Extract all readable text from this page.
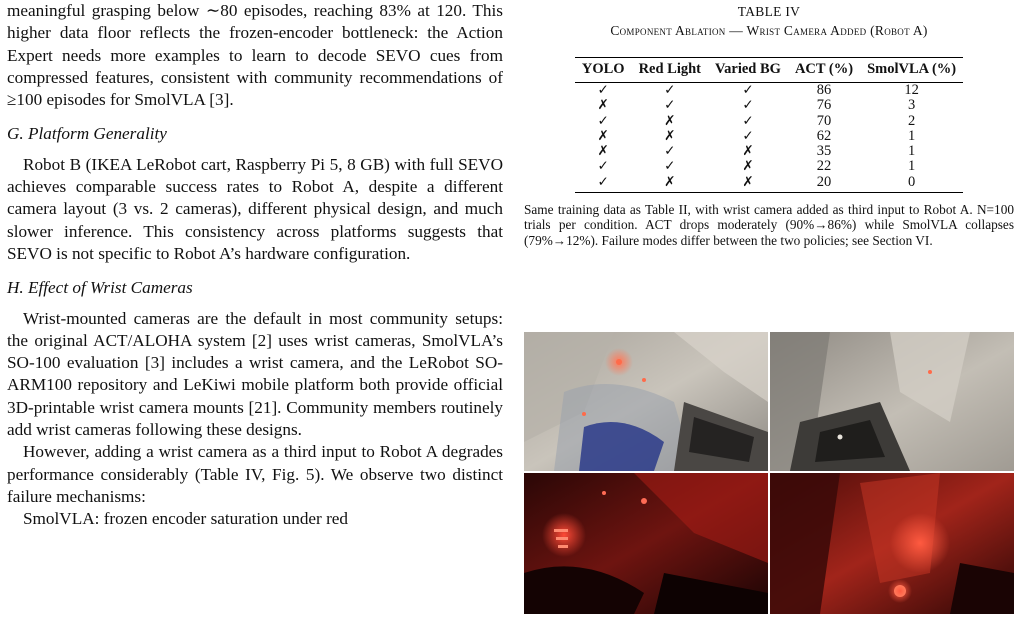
meaningful grasping below ∼80 episodes, reaching 83% at 120. This higher data floor reflects the frozen-encoder bottleneck: the Action Expert needs more examples to learn to decode SEVO cues from compressed features, consistent with community recommendations of ≥100 episodes for SmolVLA [3].

G. Platform Generality

Robot B (IKEA LeRobot cart, Raspberry Pi 5, 8 GB) with full SEVO achieves comparable success rates to Robot A, despite a different camera layout (3 vs. 2 cameras), different physical design, and much slower inference. This consistency across platforms suggests that SEVO is not specific to Robot A’s hardware configuration.

H. Effect of Wrist Cameras

Wrist-mounted cameras are the default in most community setups: the original ACT/ALOHA system [2] uses wrist cameras, SmolVLA’s SO-100 evaluation [3] includes a wrist camera, and the LeRobot SO-ARM100 repository and LeKiwi mobile platform both provide official 3D-printable wrist camera mounts [21]. Community members routinely add wrist cameras following these designs.

However, adding a wrist camera as a third input to Robot A degrades performance considerably (Table IV, Fig. 5). We observe two distinct failure mechanisms:

SmolVLA: frozen encoder saturation under red

TABLE IV
Component Ablation — Wrist Camera Added (Robot A)
YOLO	Red Light	Varied BG	ACT (%)	SmolVLA (%)
✓	✓	✓	86	12
✗	✓	✓	76	3
✓	✗	✓	70	2
✗	✗	✓	62	1
✗	✓	✗	35	1
✓	✓	✗	22	1
✓	✗	✗	20	0
Same training data as Table II, with wrist camera added as third input to Robot A. N=100 trials per condition. ACT drops moderately (90%→86%) while SmolVLA collapses (79%→12%). Failure modes differ between the two policies; see Section VI.
